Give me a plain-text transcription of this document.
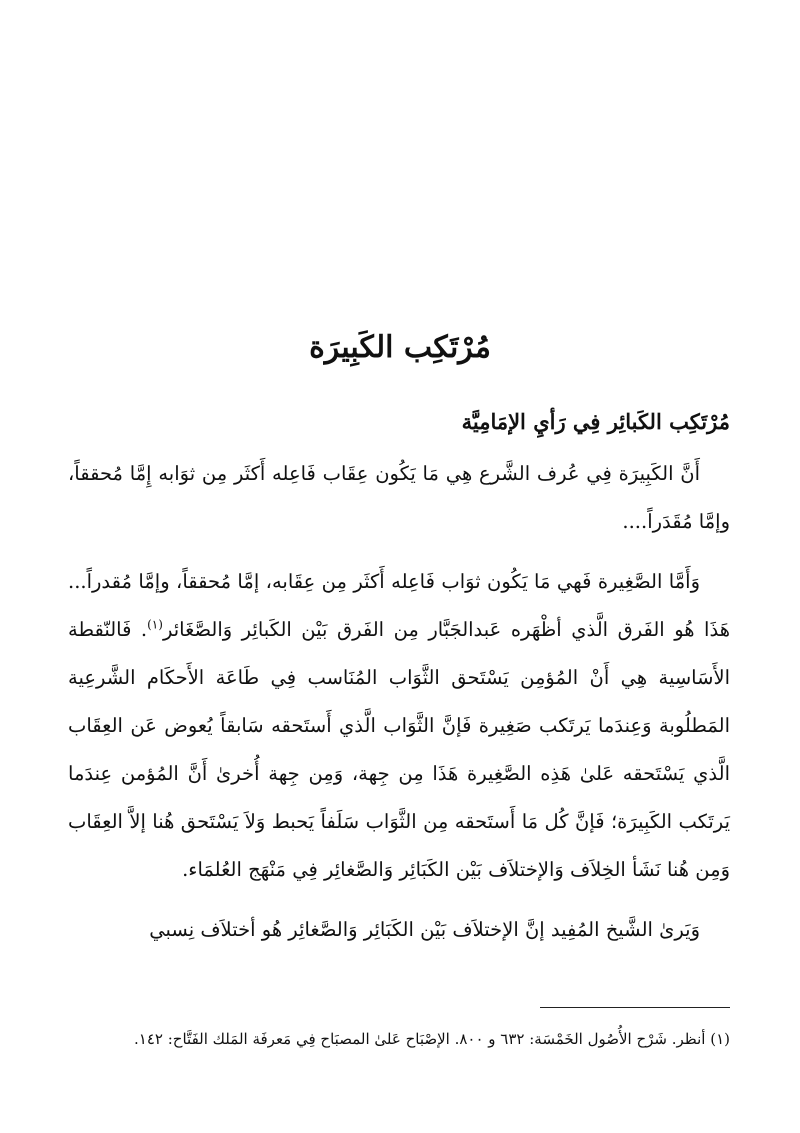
مُرْتَكِب الكَبِيرَة
مُرْتَكِب الكَبائِر فِي رَأيِ الإمَامِيَّة

أَنَّ الكَبِيرَة فِي عُرف الشَّرع هِي مَا يَكُون عِقَاب فَاعِله أَكثَر مِن ثوَابه إِمَّا مُحققاً، وإمَّا مُقَدَراً....

وَأَمَّا الصَّغِيرة فَهي مَا يَكُون ثوَاب فَاعِله أَكثَر مِن عِقَابه، إمَّا مُحققاً، وإمَّا مُقدراً... هَذَا هُو الفَرق الَّذي أظْهَره عَبدالجَبَّار مِن الفَرق بَيْن الكَبائِر وَالصَّغَائر$^{(١)}$. فَالنّقطة الأَسَاسِية هِي أَنْ المُؤمِن يَسْتَحق الثَّوَاب المُنَاسب فِي طَاعَة الأَحكَام الشَّرعِية المَطلُوبة وَعِندَما يَرتَكب صَغِيرة فَإنَّ الثَّوَاب الَّذي أَستَحقه سَابقاً يُعوض عَن العِقَاب الَّذي يَسْتَحقه عَلىٰ هَذِه الصَّغِيرة هَذَا مِن جِهة، وَمِن جِهة أُخرىٰ أَنَّ المُؤمن عِندَما يَرتَكب الكَبِيرَة؛ فَإنَّ كُل مَا أَستَحقه مِن الثَّوَاب سَلَفاً يَحبط وَلاَ يَسْتَحق هُنا إلاَّ العِقَاب وَمِن هُنا نَشَأ الخِلاَف وَالإختلاَف بَيْن الكَبَائِر وَالصَّغائِر فِي مَنْهَج العُلمَاء.

وَيَرىٰ الشَّيخ المُفِيد إنَّ الإختلاَف بَيْن الكَبَائِر وَالصَّغائِر هُو أختلاَف نِسبي

(١) أنظر. شَرْح الأُصُول الخَمْسَة: ٦٣٢ و ٨٠٠. الإصْبَاح عَلىٰ المصبَاح فِي مَعرفَة المَلك الفَتَّاح: ١٤٢.
